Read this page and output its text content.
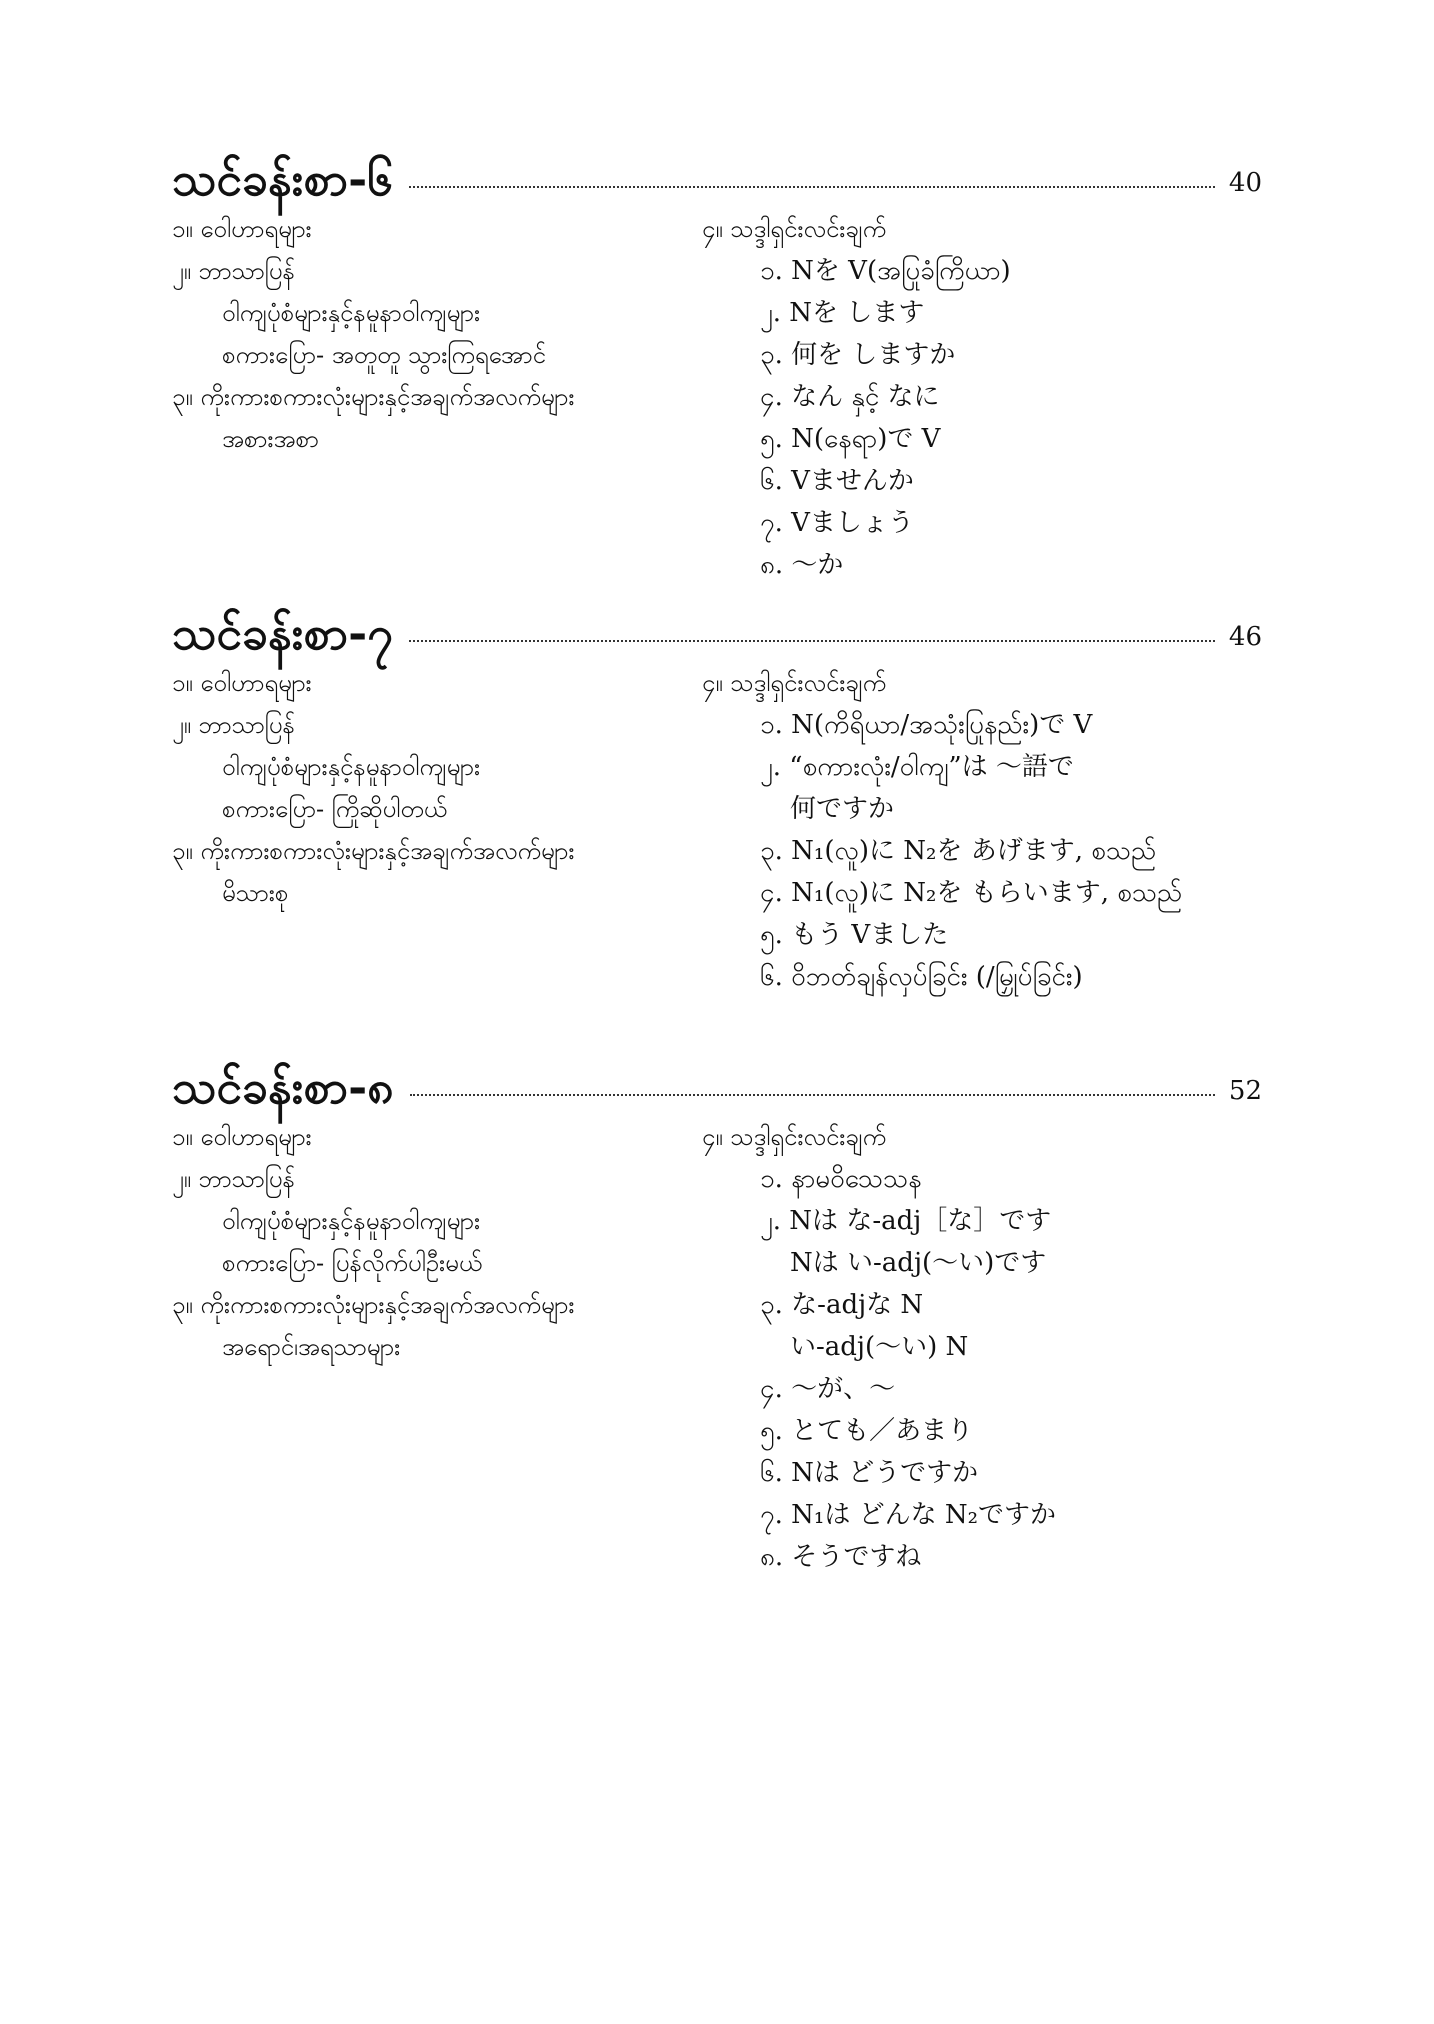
သင်ခန်းစာ-၆	40
၁။ ဝေါဟာရများ
၂။ ဘာသာပြန်
ဝါကျပုံစံများနှင့်နမူနာဝါကျများ
စကားပြော- အတူတူ သွားကြရအောင်
၃။ ကိုးကားစကားလုံးများနှင့်အချက်အလက်များ
အစားအစာ
၄။ သဒ္ဒါရှင်းလင်းချက်
၁. Nを V(အပြုခံကြိယာ)
၂. Nを します
၃. 何を しますか
၄. なん နှင့် なに
၅. N(နေရာ)で V
၆. Vませんか
၇. Vましょう
၈. ～か
သင်ခန်းစာ-၇	46
၁။ ဝေါဟာရများ
၂။ ဘာသာပြန်
ဝါကျပုံစံများနှင့်နမူနာဝါကျများ
စကားပြော- ကြိုဆိုပါတယ်
၃။ ကိုးကားစကားလုံးများနှင့်အချက်အလက်များ
မိသားစု
၄။ သဒ္ဒါရှင်းလင်းချက်
၁. N(ကိရိယာ/အသုံးပြုနည်း)で V
၂. “စကားလုံး/ဝါကျ”は ～語で
何ですか
၃. N₁(လူ)に N₂を あげます, စသည်
၄. N₁(လူ)に N₂を もらいます, စသည်
၅. もう Vました
၆. ဝိဘတ်ချန်လှပ်ခြင်း (/မြှုပ်ခြင်း)
သင်ခန်းစာ-၈	52
၁။ ဝေါဟာရများ
၂။ ဘာသာပြန်
ဝါကျပုံစံများနှင့်နမူနာဝါကျများ
စကားပြော- ပြန်လိုက်ပါဦးမယ်
၃။ ကိုးကားစကားလုံးများနှင့်အချက်အလက်များ
အရောင်၊အရသာများ
၄။ သဒ္ဒါရှင်းလင်းချက်
၁. နာမဝိသေသန
၂. Nは な-adj［な］です
Nは い-adj(～い)です
၃. な-adjな N
い-adj(～い) N
၄. ～が、～
၅. とても／あまり
၆. Nは どうですか
၇. N₁は どんな N₂ですか
၈. そうですね
